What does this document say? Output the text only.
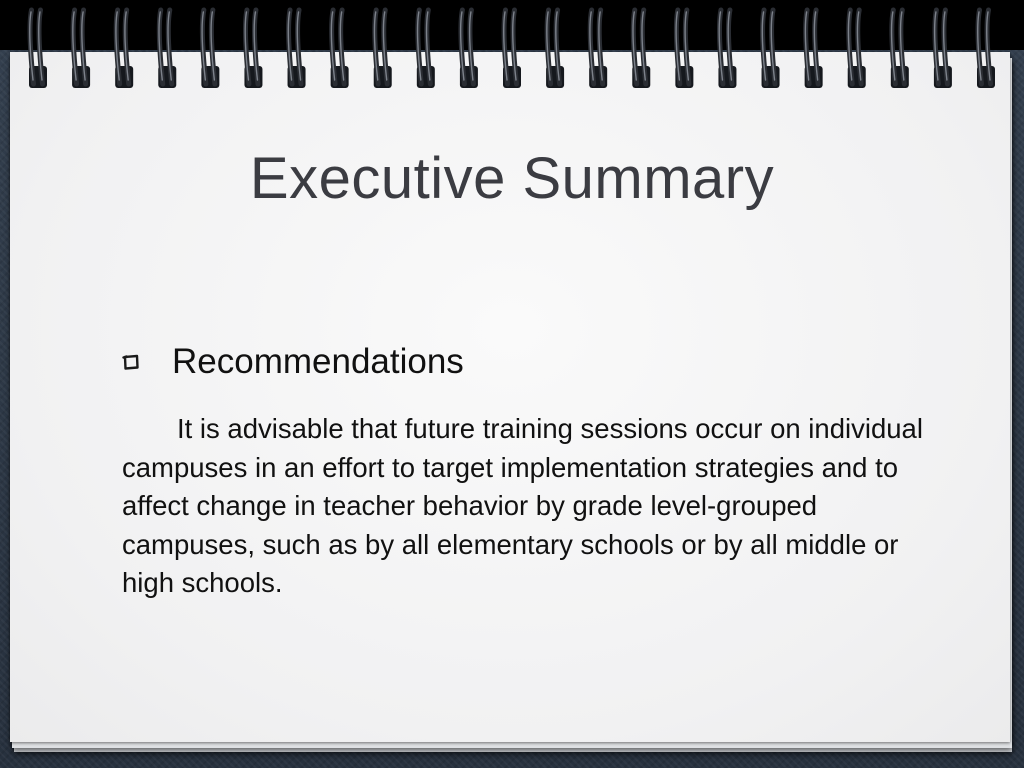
Executive Summary
Recommendations
It is advisable that future training sessions occur on individual campuses in an effort to target implementation strategies and to affect change in teacher behavior by grade level-grouped campuses, such as by all elementary schools or by all middle or high schools.
